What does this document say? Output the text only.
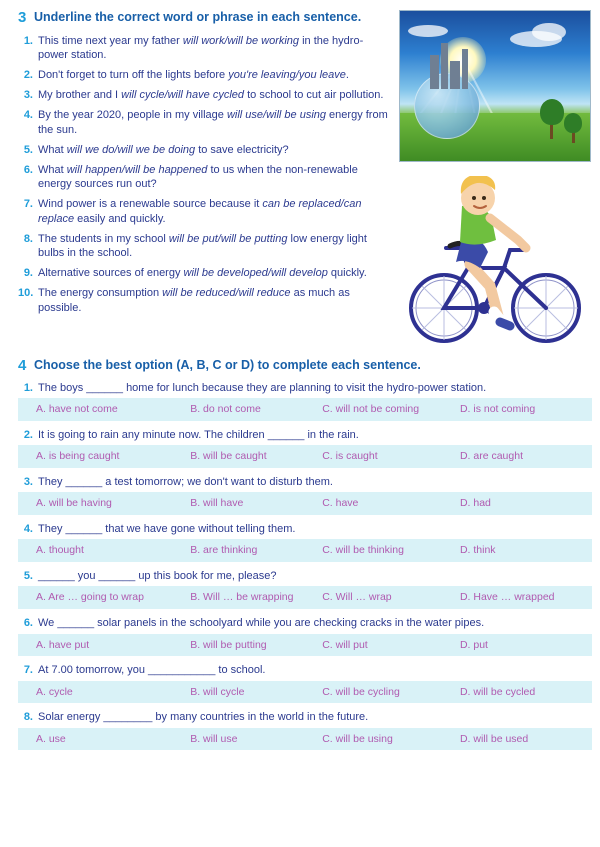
3 Underline the correct word or phrase in each sentence.
1. This time next year my father will work/will be working in the hydro-power station.
2. Don't forget to turn off the lights before you're leaving/you leave.
3. My brother and I will cycle/will have cycled to school to cut air pollution.
4. By the year 2020, people in my village will use/will be using energy from the sun.
5. What will we do/will we be doing to save electricity?
6. What will happen/will be happened to us when the non-renewable energy sources run out?
7. Wind power is a renewable source because it can be replaced/can replace easily and quickly.
8. The students in my school will be put/will be putting low energy light bulbs in the school.
9. Alternative sources of energy will be developed/will develop quickly.
10. The energy consumption will be reduced/will reduce as much as possible.
4 Choose the best option (A, B, C or D) to complete each sentence.
1. The boys ______ home for lunch because they are planning to visit the hydro-power station.
A. have not come	B. do not come	C. will not be coming	D. is not coming
2. It is going to rain any minute now. The children ______ in the rain.
A. is being caught	B. will be caught	C. is caught	D. are caught
3. They ______ a test tomorrow; we don't want to disturb them.
A. will be having	B. will have	C. have	D. had
4. They ______ that we have gone without telling them.
A. thought	B. are thinking	C. will be thinking	D. think
5. ______ you ______ up this book for me, please?
A. Are … going to wrap	B. Will … be wrapping	C. Will … wrap	D. Have … wrapped
6. We ______ solar panels in the schoolyard while you are checking cracks in the water pipes.
A. have put	B. will be putting	C. will put	D. put
7. At 7.00 tomorrow, you ___________ to school.
A. cycle	B. will cycle	C. will be cycling	D. will be cycled
8. Solar energy ________ by many countries in the world in the future.
A. use	B. will use	C. will be using	D. will be used
